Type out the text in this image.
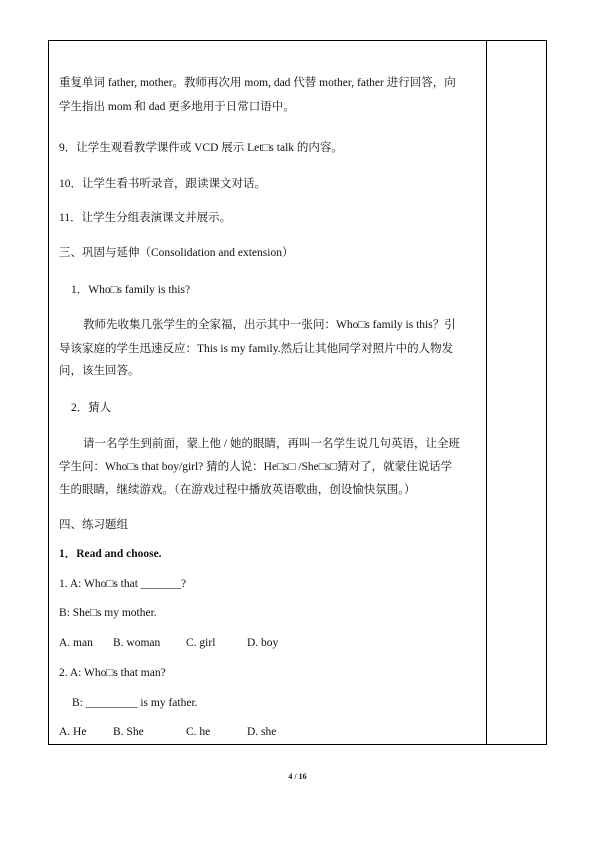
重复单词 father, mother。教师再次用 mom, dad 代替 mother, father 进行回答，向
学生指出 mom 和 dad 更多地用于日常口语中。
9．让学生观看教学课件或 VCD 展示 Let□s talk 的内容。
10．让学生看书听录音，跟读课文对话。
11．让学生分组表演课文并展示。
三、巩固与延伸（Consolidation and extension）
1．Who□s family is this?
教师先收集几张学生的全家福，出示其中一张问：Who□s family is this？引
导该家庭的学生迅速反应：This is my family.然后让其他同学对照片中的人物发
问，该生回答。
2．猜人
请一名学生到前面，蒙上他 / 她的眼睛，再叫一名学生说几句英语，让全班
学生问：Who□s that boy/girl? 猜的人说：He□s□ /She□s□猜对了，就蒙住说话学
生的眼睛，继续游戏。（在游戏过程中播放英语歌曲，创设愉快氛围。）
四、练习题组
1．Read and choose.
1. A: Who□s that _______?
B: She□s my mother.
A. man B. woman C. girl	D. boy
2. A: Who□s that man?
B: _________ is my father.
A. He B. She	C. he	D. she
4 / 16
